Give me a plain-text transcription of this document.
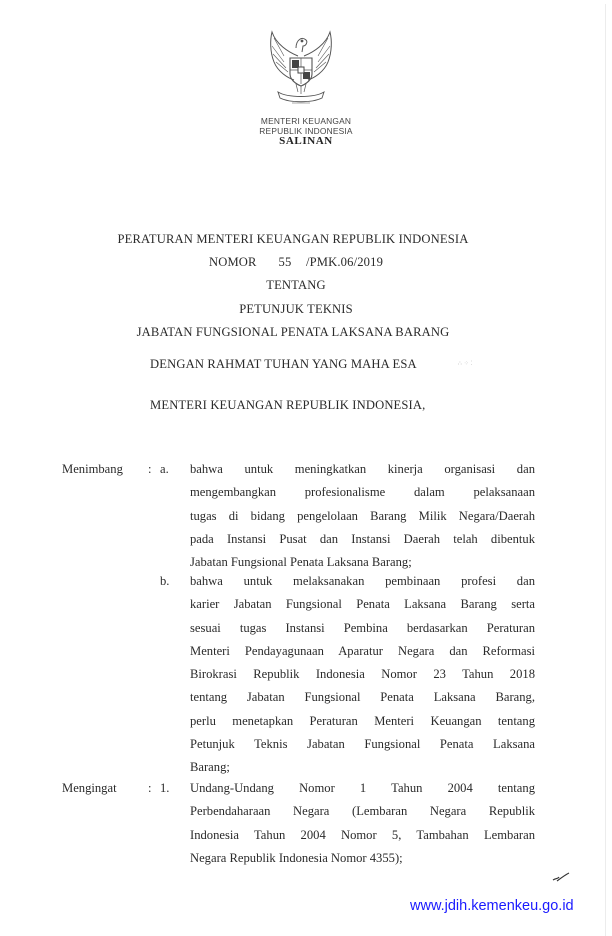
MENTERI KEUANGAN
REPUBLIK INDONESIA
SALINAN
PERATURAN MENTERI KEUANGAN REPUBLIK INDONESIA
NOMOR   55  /PMK.06/2019
TENTANG
PETUNJUK TEKNIS
JABATAN FUNGSIONAL PENATA LAKSANA BARANG
DENGAN RAHMAT TUHAN YANG MAHA ESA	∴ ⁘ ⁚
MENTERI KEUANGAN REPUBLIK INDONESIA,
Menimbang : a. bahwa untuk meningkatkan kinerja organisasi dan
mengembangkan profesionalisme dalam pelaksanaan
tugas di bidang pengelolaan Barang Milik Negara/Daerah
pada Instansi Pusat dan Instansi Daerah telah dibentuk
Jabatan Fungsional Penata Laksana Barang;
b. bahwa untuk melaksanakan pembinaan profesi dan
karier Jabatan Fungsional Penata Laksana Barang serta
sesuai tugas Instansi Pembina berdasarkan Peraturan
Menteri Pendayagunaan Aparatur Negara dan Reformasi
Birokrasi Republik Indonesia Nomor 23 Tahun 2018
tentang Jabatan Fungsional Penata Laksana Barang,
perlu menetapkan Peraturan Menteri Keuangan tentang
Petunjuk Teknis Jabatan Fungsional Penata Laksana
Barang;
Mengingat : 1. Undang-Undang Nomor 1 Tahun 2004 tentang
Perbendaharaan Negara (Lembaran Negara Republik
Indonesia Tahun 2004 Nomor 5, Tambahan Lembaran
Negara Republik Indonesia Nomor 4355);
www.jdih.kemenkeu.go.id
